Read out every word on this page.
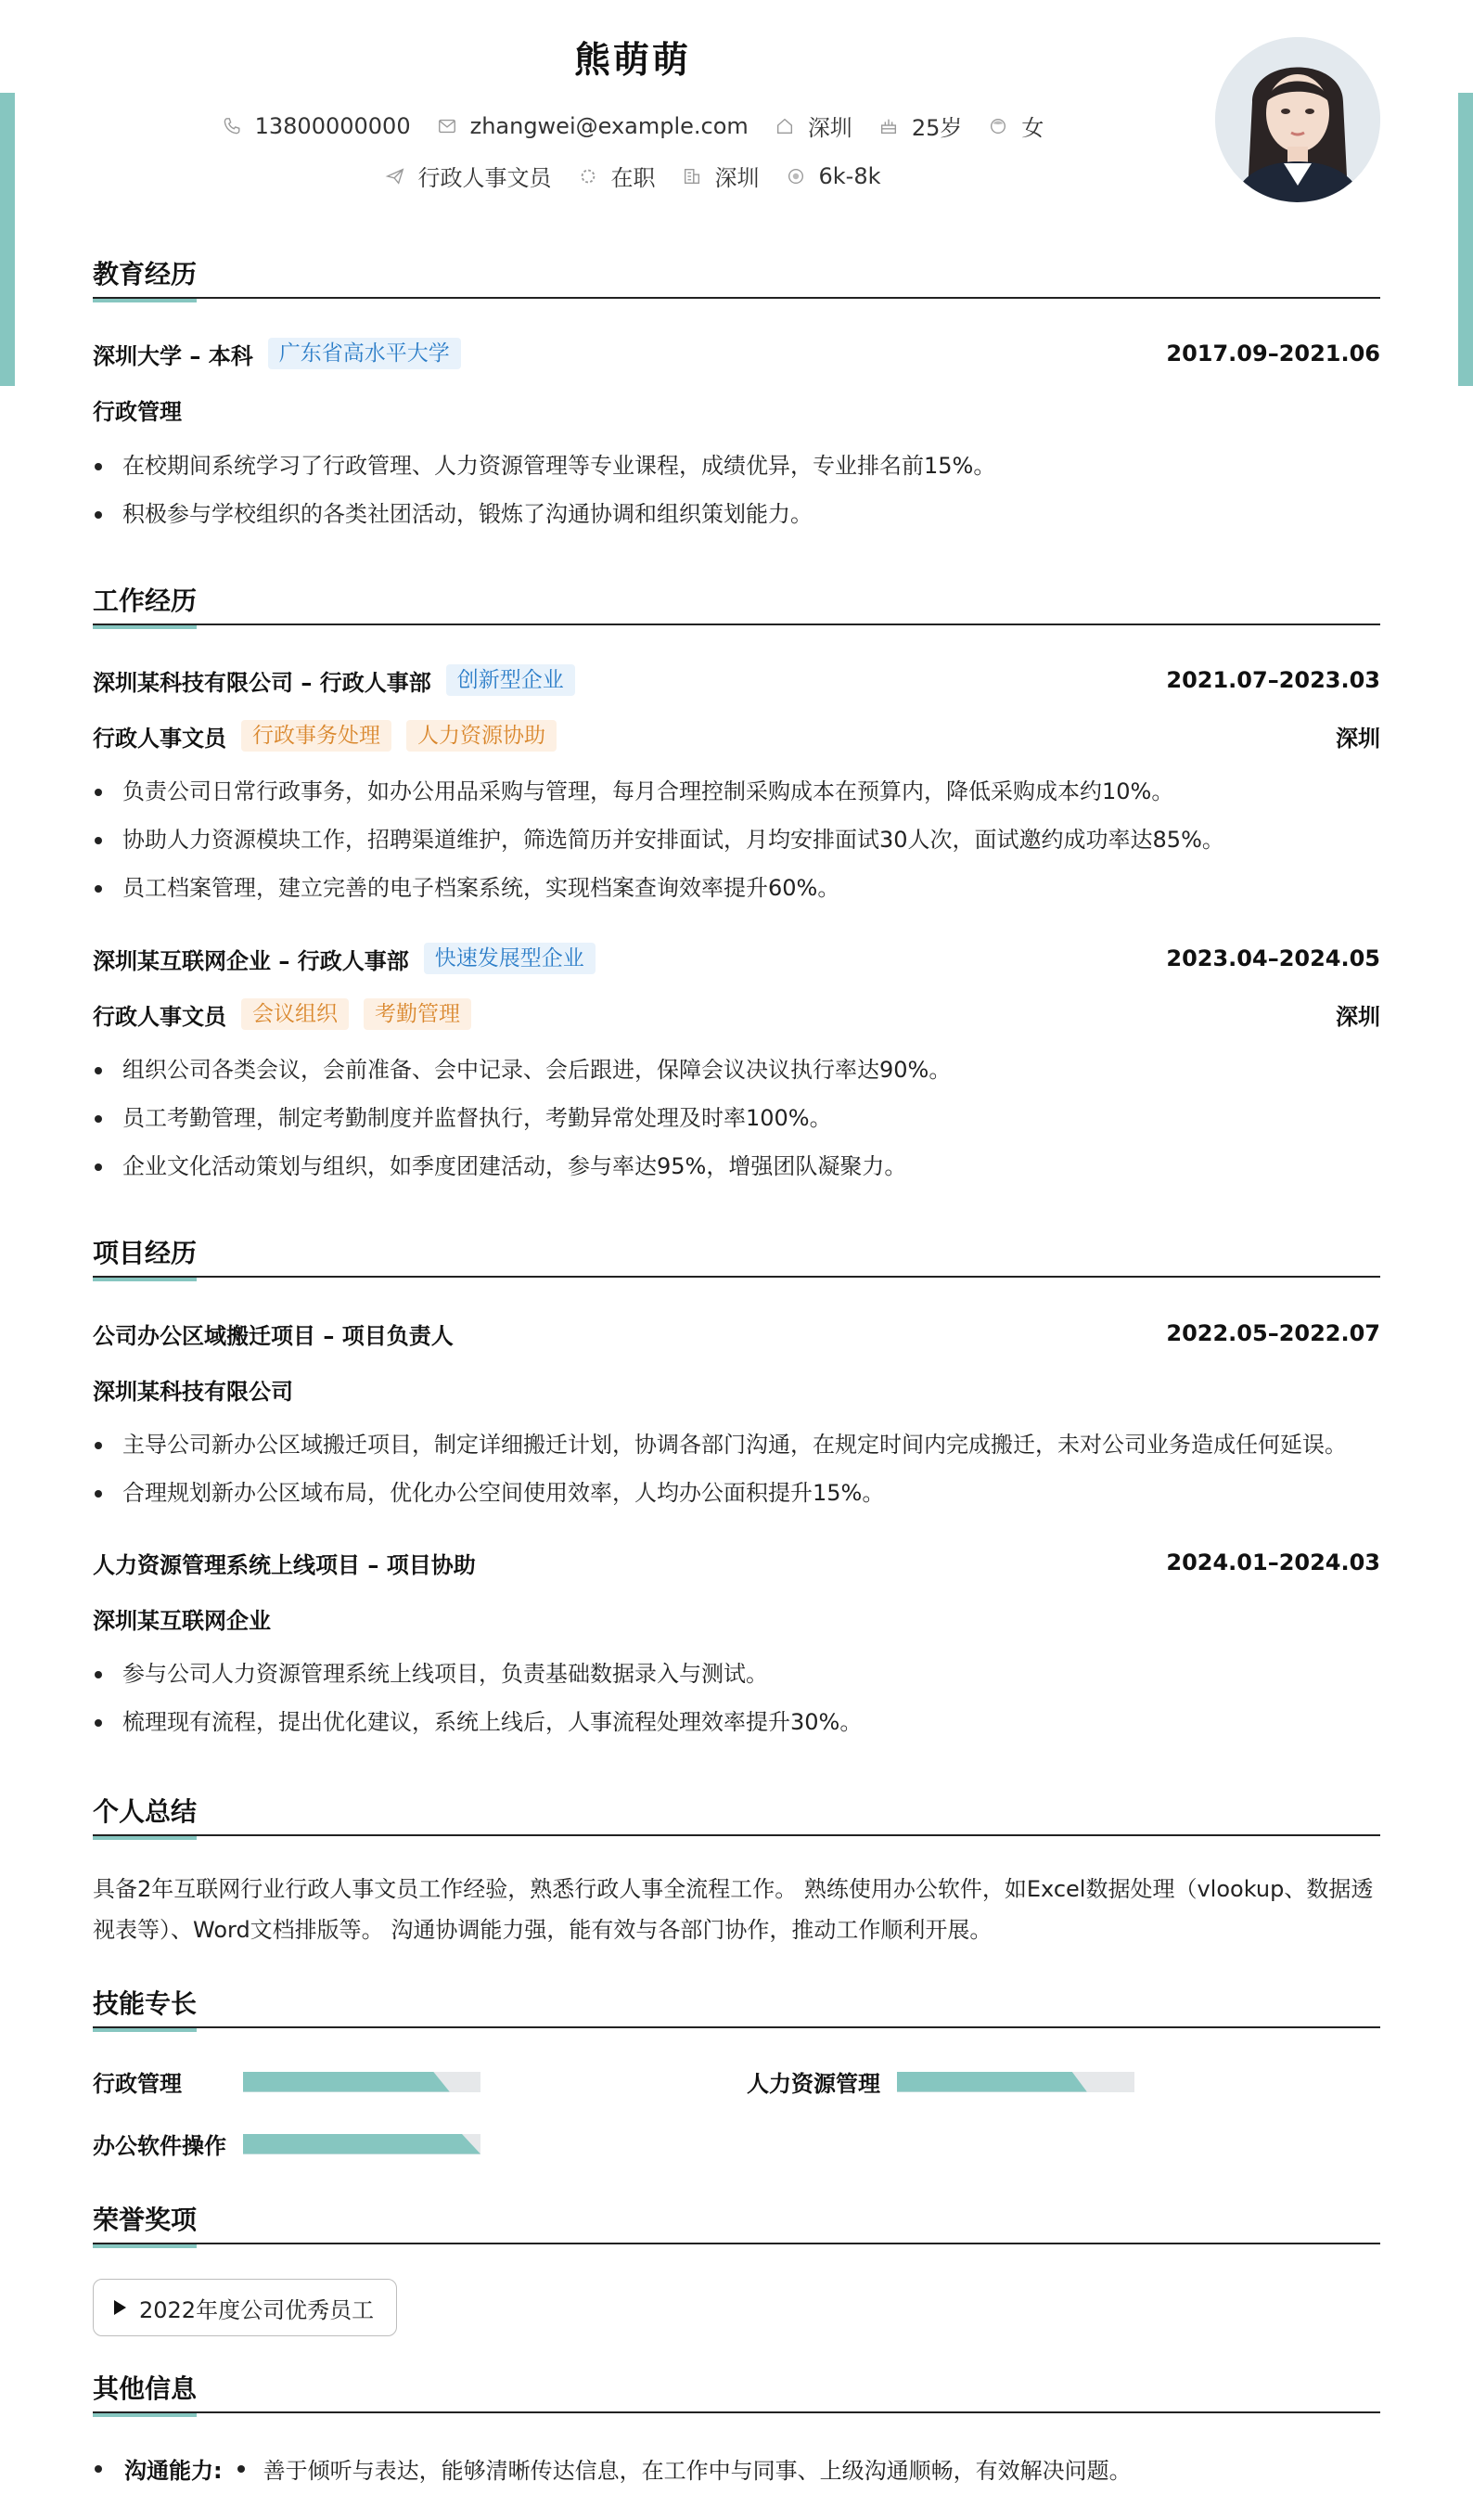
熊萌萌
13800000000	zhangwei@example.com	深圳	25岁	女
行政人事文员	在职	深圳	6k-8k
教育经历
深圳大学 – 本科	广东省高水平大学	2017.09–2021.06
行政管理
在校期间系统学习了行政管理、人力资源管理等专业课程，成绩优异，专业排名前15%。
积极参与学校组织的各类社团活动，锻炼了沟通协调和组织策划能力。
工作经历
深圳某科技有限公司 – 行政人事部	创新型企业	2021.07–2023.03
行政人事文员	行政事务处理	人力资源协助	深圳
负责公司日常行政事务，如办公用品采购与管理，每月合理控制采购成本在预算内，降低采购成本约10%。
协助人力资源模块工作，招聘渠道维护，筛选简历并安排面试，月均安排面试30人次，面试邀约成功率达85%。
员工档案管理，建立完善的电子档案系统，实现档案查询效率提升60%。
深圳某互联网企业 – 行政人事部	快速发展型企业	2023.04–2024.05
行政人事文员	会议组织	考勤管理	深圳
组织公司各类会议，会前准备、会中记录、会后跟进，保障会议决议执行率达90%。
员工考勤管理，制定考勤制度并监督执行，考勤异常处理及时率100%。
企业文化活动策划与组织，如季度团建活动，参与率达95%，增强团队凝聚力。
项目经历
公司办公区域搬迁项目 – 项目负责人	2022.05–2022.07
深圳某科技有限公司
主导公司新办公区域搬迁项目，制定详细搬迁计划，协调各部门沟通，在规定时间内完成搬迁，未对公司业务造成任何延误。
合理规划新办公区域布局，优化办公空间使用效率，人均办公面积提升15%。
人力资源管理系统上线项目 – 项目协助	2024.01–2024.03
深圳某互联网企业
参与公司人力资源管理系统上线项目，负责基础数据录入与测试。
梳理现有流程，提出优化建议，系统上线后，人事流程处理效率提升30%。
个人总结
具备2年互联网行业行政人事文员工作经验，熟悉行政人事全流程工作。 熟练使用办公软件，如Excel数据处理（vlookup、数据透
视表等）、Word文档排版等。 沟通协调能力强，能有效与各部门协作，推动工作顺利开展。
技能专长
行政管理	人力资源管理
办公软件操作
荣誉奖项
2022年度公司优秀员工
其他信息
沟通能力: 善于倾听与表达，能够清晰传达信息，在工作中与同事、上级沟通顺畅，有效解决问题。
